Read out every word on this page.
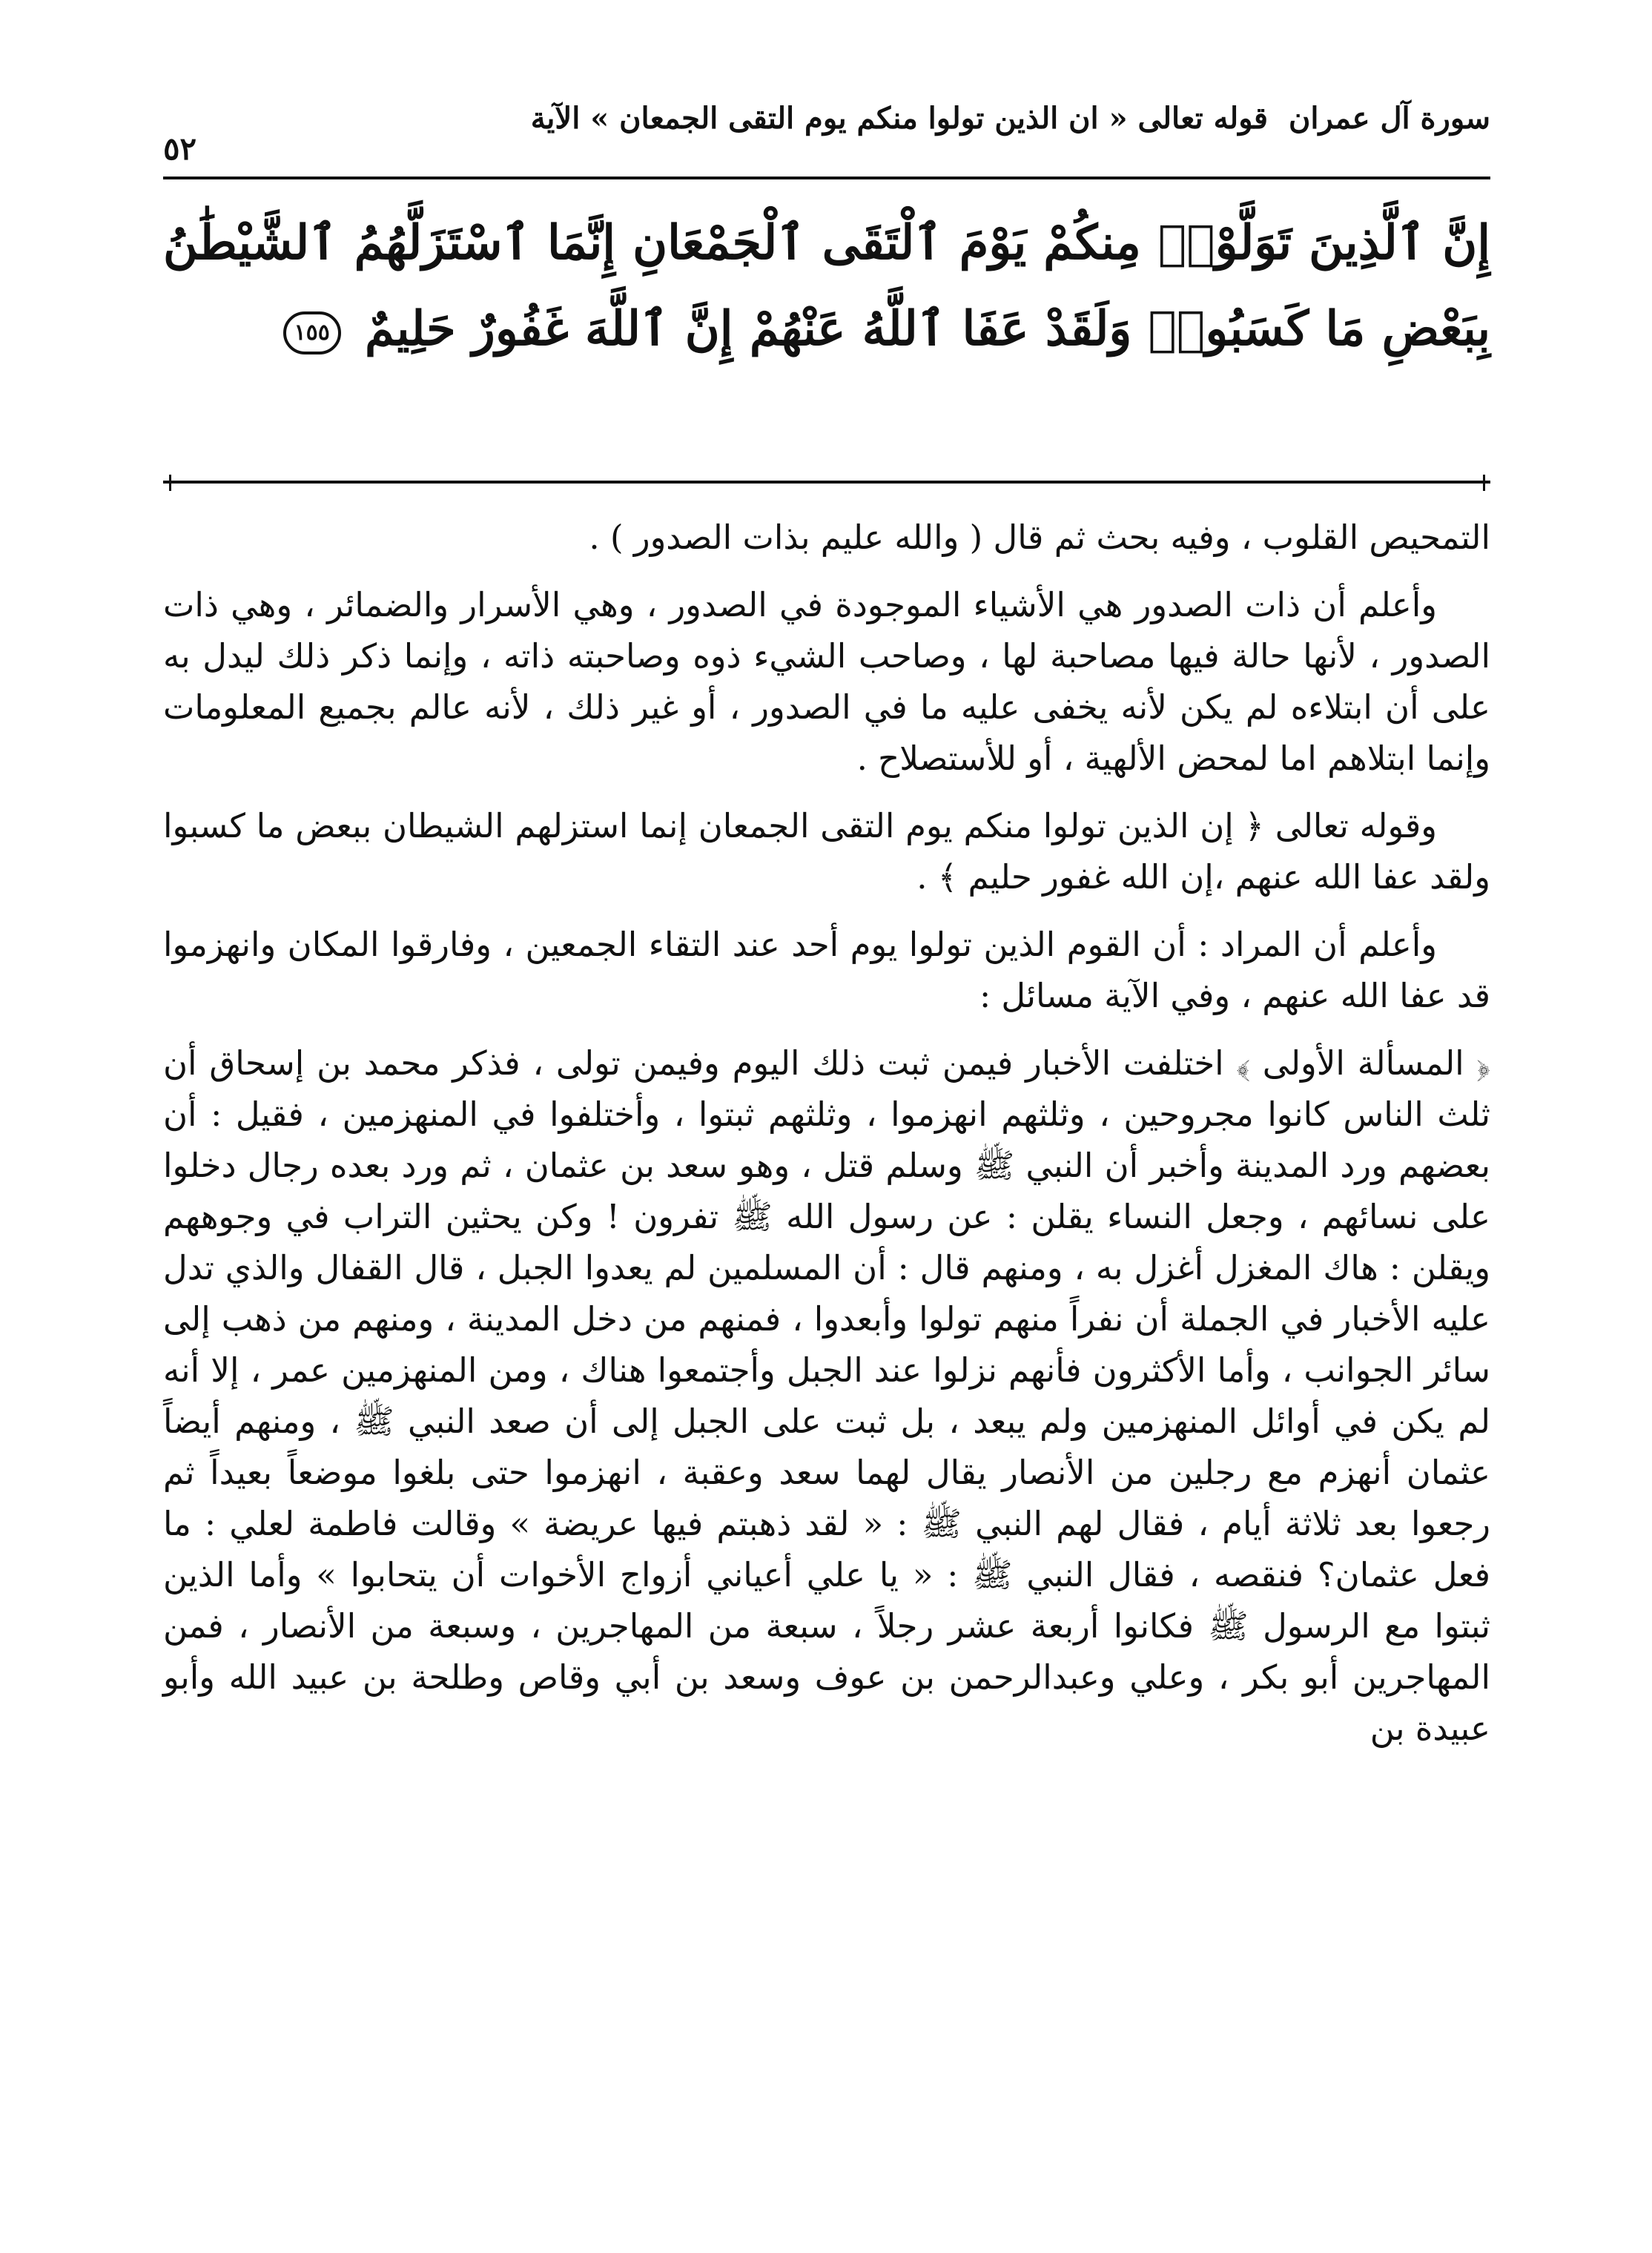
سورة آل عمران
قوله تعالى « ان الذين تولوا منكم يوم التقى الجمعان » الآية
٥٢
إِنَّ ٱلَّذِينَ تَوَلَّوْا۟ مِنكُمْ يَوْمَ ٱلْتَقَى ٱلْجَمْعَانِ إِنَّمَا ٱسْتَزَلَّهُمُ ٱلشَّيْطَٰنُ بِبَعْضِ مَا كَسَبُوا۟ وَلَقَدْ عَفَا ٱللَّهُ عَنْهُمْ إِنَّ ٱللَّهَ غَفُورٌ حَلِيمٌ ١٥٥

التمحيص القلوب ، وفيه بحث ثم قال ( والله عليم بذات الصدور ) .

وأعلم أن ذات الصدور هي الأشياء الموجودة في الصدور ، وهي الأسرار والضمائر ، وهي ذات الصدور ، لأنها حالة فيها مصاحبة لها ، وصاحب الشيء ذوه وصاحبته ذاته ، وإنما ذكر ذلك ليدل به على أن ابتلاءه لم يكن لأنه يخفى عليه ما في الصدور ، أو غير ذلك ، لأنه عالم بجميع المعلومات وإنما ابتلاهم اما لمحض الألهية ، أو للأستصلاح .

وقوله تعالى ﴿ إن الذين تولوا منكم يوم التقى الجمعان إنما استزلهم الشيطان ببعض ما كسبوا ولقد عفا الله عنهم ،إن الله غفور حليم ﴾ .

وأعلم أن المراد : أن القوم الذين تولوا يوم أحد عند التقاء الجمعين ، وفارقوا المكان وانهزموا قد عفا الله عنهم ، وفي الآية مسائل :

﴿ المسألة الأولى ﴾ اختلفت الأخبار فيمن ثبت ذلك اليوم وفيمن تولى ، فذكر محمد بن إسحاق أن ثلث الناس كانوا مجروحين ، وثلثهم انهزموا ، وثلثهم ثبتوا ، وأختلفوا في المنهزمين ، فقيل : أن بعضهم ورد المدينة وأخبر أن النبي ﷺ وسلم قتل ، وهو سعد بن عثمان ، ثم ورد بعده رجال دخلوا على نسائهم ، وجعل النساء يقلن : عن رسول الله ﷺ تفرون ! وكن يحثين التراب في وجوههم ويقلن : هاك المغزل أغزل به ، ومنهم قال : أن المسلمين لم يعدوا الجبل ، قال القفال والذي تدل عليه الأخبار في الجملة أن نفراً منهم تولوا وأبعدوا ، فمنهم من دخل المدينة ، ومنهم من ذهب إلى سائر الجوانب ، وأما الأكثرون فأنهم نزلوا عند الجبل وأجتمعوا هناك ، ومن المنهزمين عمر ، إلا أنه لم يكن في أوائل المنهزمين ولم يبعد ، بل ثبت على الجبل إلى أن صعد النبي ﷺ ، ومنهم أيضاً عثمان أنهزم مع رجلين من الأنصار يقال لهما سعد وعقبة ، انهزموا حتى بلغوا موضعاً بعيداً ثم رجعوا بعد ثلاثة أيام ، فقال لهم النبي ﷺ : « لقد ذهبتم فيها عريضة » وقالت فاطمة لعلي : ما فعل عثمان؟ فنقصه ، فقال النبي ﷺ : « يا علي أعياني أزواج الأخوات أن يتحابوا » وأما الذين ثبتوا مع الرسول ﷺ فكانوا أربعة عشر رجلاً ، سبعة من المهاجرين ، وسبعة من الأنصار ، فمن المهاجرين أبو بكر ، وعلي وعبدالرحمن بن عوف وسعد بن أبي وقاص وطلحة بن عبيد الله وأبو عبيدة بن
